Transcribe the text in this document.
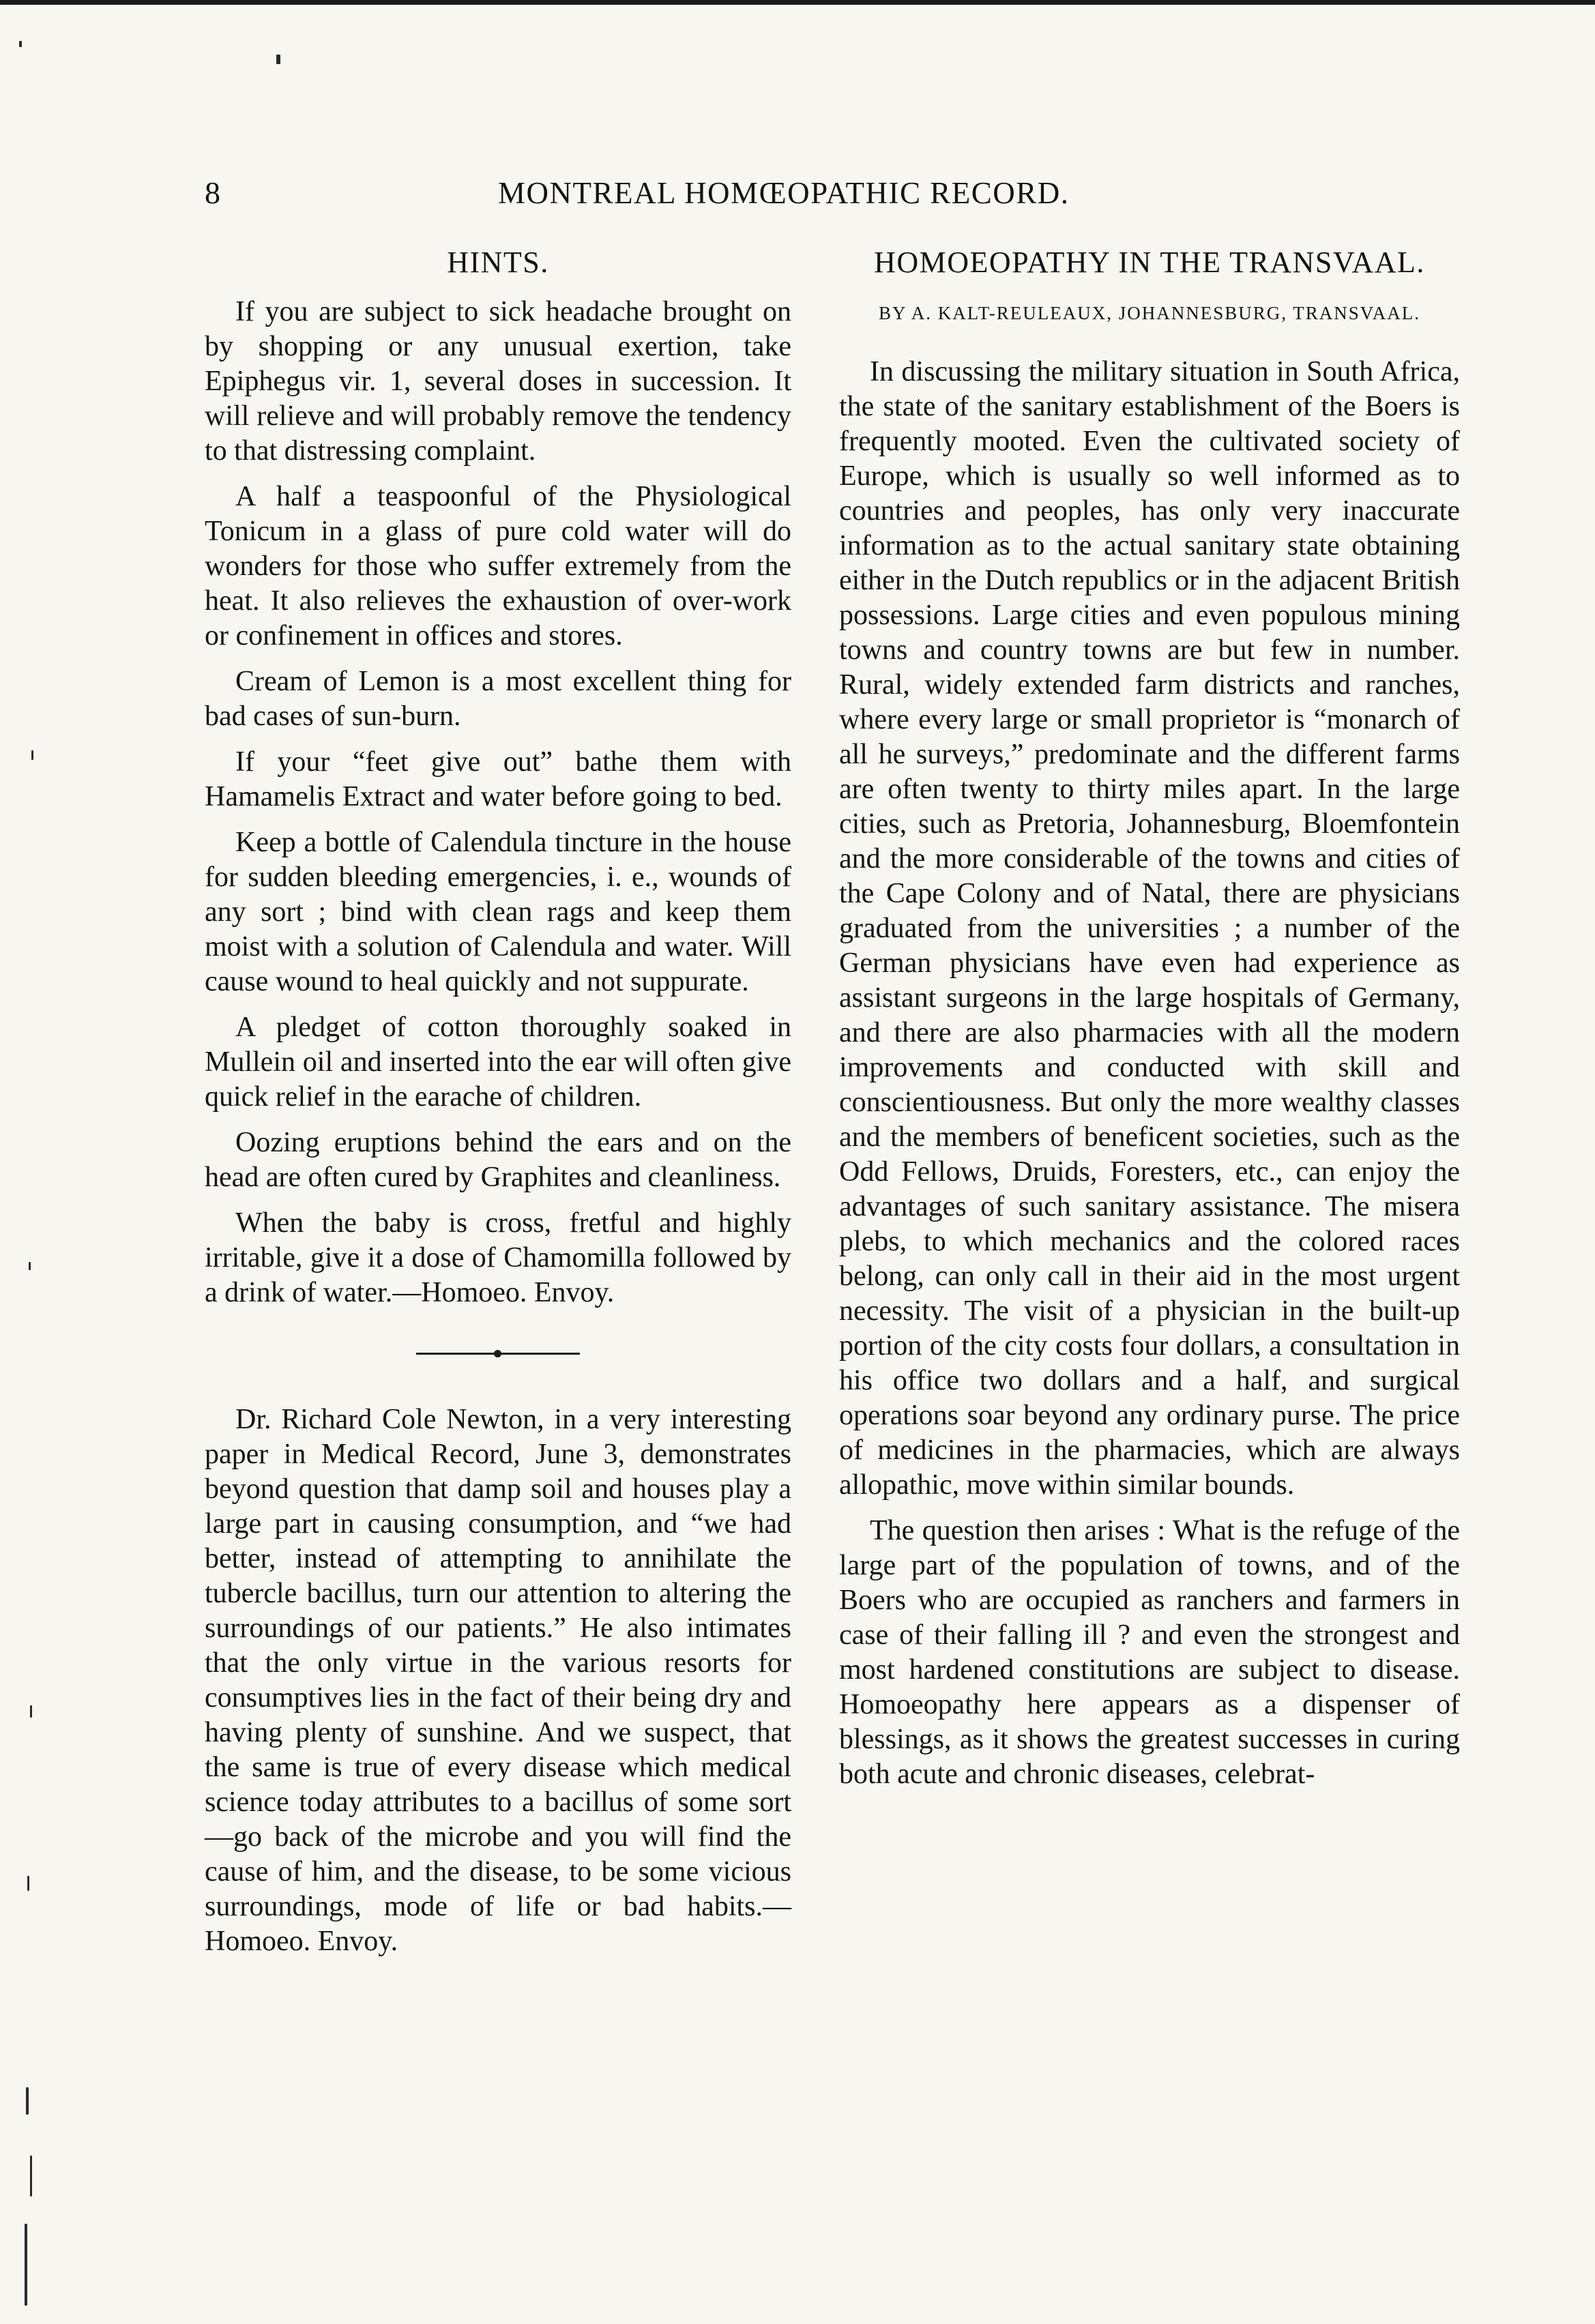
8	MONTREAL HOMŒOPATHIC RECORD.
HINTS.

If you are subject to sick headache brought on by shopping or any unusual exertion, take Epiphegus vir. 1, several doses in succession. It will relieve and will probably remove the tendency to that distressing complaint.

A half a teaspoonful of the Physiological Tonicum in a glass of pure cold water will do wonders for those who suffer extremely from the heat. It also relieves the exhaustion of over-work or confinement in offices and stores.

Cream of Lemon is a most excellent thing for bad cases of sun-burn.

If your “feet give out” bathe them with Hamamelis Extract and water before going to bed.

Keep a bottle of Calendula tincture in the house for sudden bleeding emergencies, i. e., wounds of any sort ; bind with clean rags and keep them moist with a solution of Calendula and water. Will cause wound to heal quickly and not suppurate.

A pledget of cotton thoroughly soaked in Mullein oil and inserted into the ear will often give quick relief in the earache of children.

Oozing eruptions behind the ears and on the head are often cured by Graphites and cleanliness.

When the baby is cross, fretful and highly irritable, give it a dose of Chamomilla followed by a drink of water.—Homoeo. Envoy.

Dr. Richard Cole Newton, in a very interesting paper in Medical Record, June 3, demonstrates beyond question that damp soil and houses play a large part in causing consumption, and “we had better, instead of attempting to annihilate the tubercle bacillus, turn our attention to altering the surroundings of our patients.” He also intimates that the only virtue in the various resorts for consumptives lies in the fact of their being dry and having plenty of sunshine. And we suspect, that the same is true of every disease which medical science today attributes to a bacillus of some sort—go back of the microbe and you will find the cause of him, and the disease, to be some vicious surroundings, mode of life or bad habits.—Homoeo. Envoy.

HOMOEOPATHY IN THE TRANSVAAL.
BY A. KALT-REULEAUX, JOHANNESBURG, TRANSVAAL.

In discussing the military situation in South Africa, the state of the sanitary establishment of the Boers is frequently mooted. Even the cultivated society of Europe, which is usually so well informed as to countries and peoples, has only very inaccurate information as to the actual sanitary state obtaining either in the Dutch republics or in the adjacent British possessions. Large cities and even populous mining towns and country towns are but few in number. Rural, widely extended farm districts and ranches, where every large or small proprietor is “monarch of all he surveys,” predominate and the different farms are often twenty to thirty miles apart. In the large cities, such as Pretoria, Johannesburg, Bloemfontein and the more considerable of the towns and cities of the Cape Colony and of Natal, there are physicians graduated from the universities ; a number of the German physicians have even had experience as assistant surgeons in the large hospitals of Germany, and there are also pharmacies with all the modern improvements and conducted with skill and conscientiousness. But only the more wealthy classes and the members of beneficent societies, such as the Odd Fellows, Druids, Foresters, etc., can enjoy the advantages of such sanitary assistance. The misera plebs, to which mechanics and the colored races belong, can only call in their aid in the most urgent necessity. The visit of a physician in the built-up portion of the city costs four dollars, a consultation in his office two dollars and a half, and surgical operations soar beyond any ordinary purse. The price of medicines in the pharmacies, which are always allopathic, move within similar bounds.

The question then arises : What is the refuge of the large part of the population of towns, and of the Boers who are occupied as ranchers and farmers in case of their falling ill ? and even the strongest and most hardened constitutions are subject to disease. Homoeopathy here appears as a dispenser of blessings, as it shows the greatest successes in curing both acute and chronic diseases, celebrat-
